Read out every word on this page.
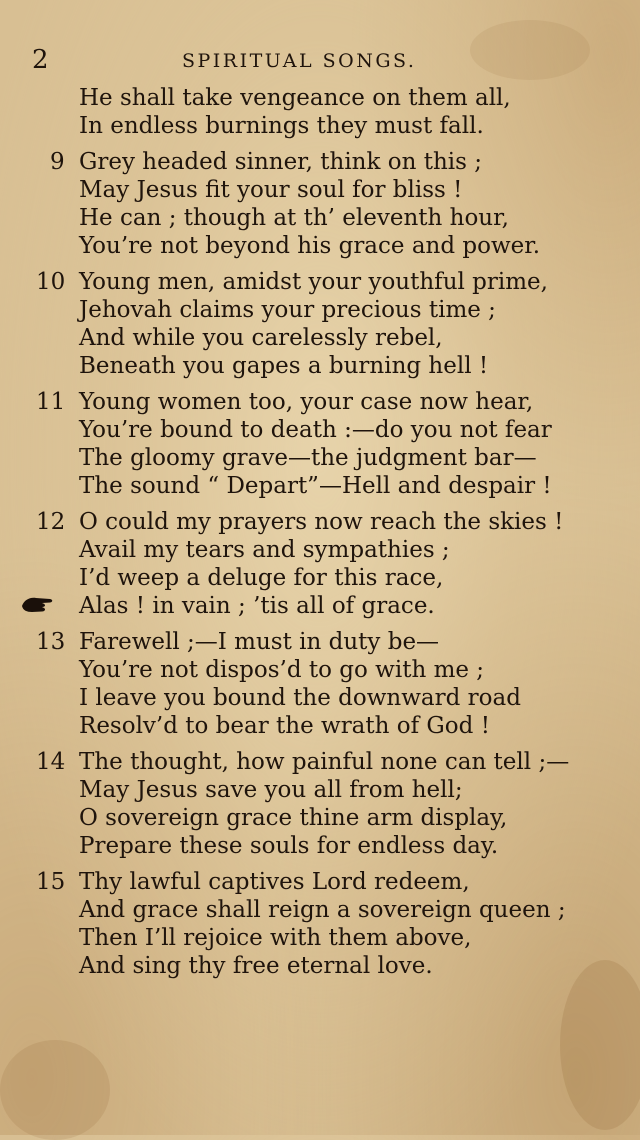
2	SPIRITUAL SONGS.
He shall take vengeance on them all,
In endless burnings they must fall.
9 Grey headed sinner, think on this ;
May Jesus fit your soul for bliss !
He can ; though at th’ eleventh hour,
You’re not beyond his grace and power.
10 Young men, amidst your youthful prime,
Jehovah claims your precious time ;
And while you carelessly rebel,
Beneath you gapes a burning hell !
11 Young women too, your case now hear,
You’re bound to death :—do you not fear
The gloomy grave—the judgment bar—
The sound “ Depart”—Hell and despair !
12 O could my prayers now reach the skies !
Avail my tears and sympathies ;
I’d weep a deluge for this race,
Alas ! in vain ; ’tis all of grace.
13 Farewell ;—I must in duty be—
You’re not dispos’d to go with me ;
I leave you bound the downward road
Resolv’d to bear the wrath of God !
14 The thought, how painful none can tell ;—
May Jesus save you all from hell;
O sovereign grace thine arm display,
Prepare these souls for endless day.
15 Thy lawful captives Lord redeem,
And grace shall reign a sovereign queen ;
Then I’ll rejoice with them above,
And sing thy free eternal love.
